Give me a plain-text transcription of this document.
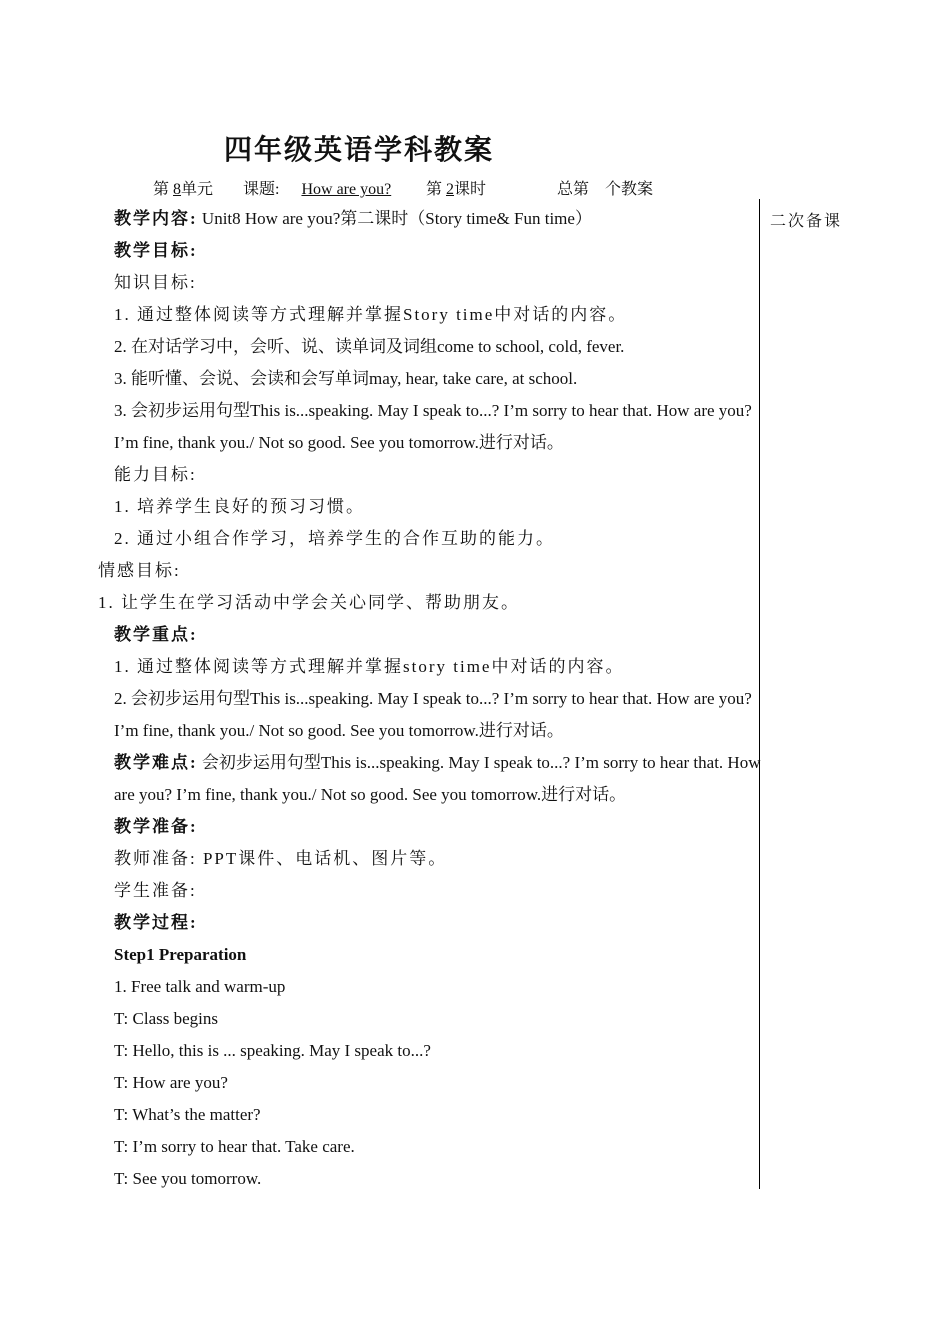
四年级英语学科教案
第 8单元 课题: How are you?	第 2课时	总第 个教案
二次备课
教学内容: Unit8 How are you?第二课时（Story time& Fun time）
教学目标:
知识目标:
1. 通过整体阅读等方式理解并掌握Story time中对话的内容。
2. 在对话学习中，会听、说、读单词及词组come to school, cold, fever.
3. 能听懂、会说、会读和会写单词may, hear, take care, at school.
3. 会初步运用句型This is...speaking. May I speak to...? I’m sorry to hear that. How are you?
I’m fine, thank you./ Not so good. See you tomorrow.进行对话。
能力目标:
1. 培养学生良好的预习习惯。
2. 通过小组合作学习，培养学生的合作互助的能力。
情感目标:
1. 让学生在学习活动中学会关心同学、帮助朋友。
教学重点:
1. 通过整体阅读等方式理解并掌握story time中对话的内容。
2. 会初步运用句型This is...speaking. May I speak to...? I’m sorry to hear that. How are you?
I’m fine, thank you./ Not so good. See you tomorrow.进行对话。
教学难点: 会初步运用句型This is...speaking. May I speak to...? I’m sorry to hear that. How
are you? I’m fine, thank you./ Not so good. See you tomorrow.进行对话。
教学准备:
教师准备: PPT课件、电话机、图片等。
学生准备:
教学过程:
Step1 Preparation
1. Free talk and warm-up
T: Class begins
T: Hello, this is ... speaking. May I speak to...?
T: How are you?
T: What’s the matter?
T: I’m sorry to hear that. Take care.
T: See you tomorrow.
